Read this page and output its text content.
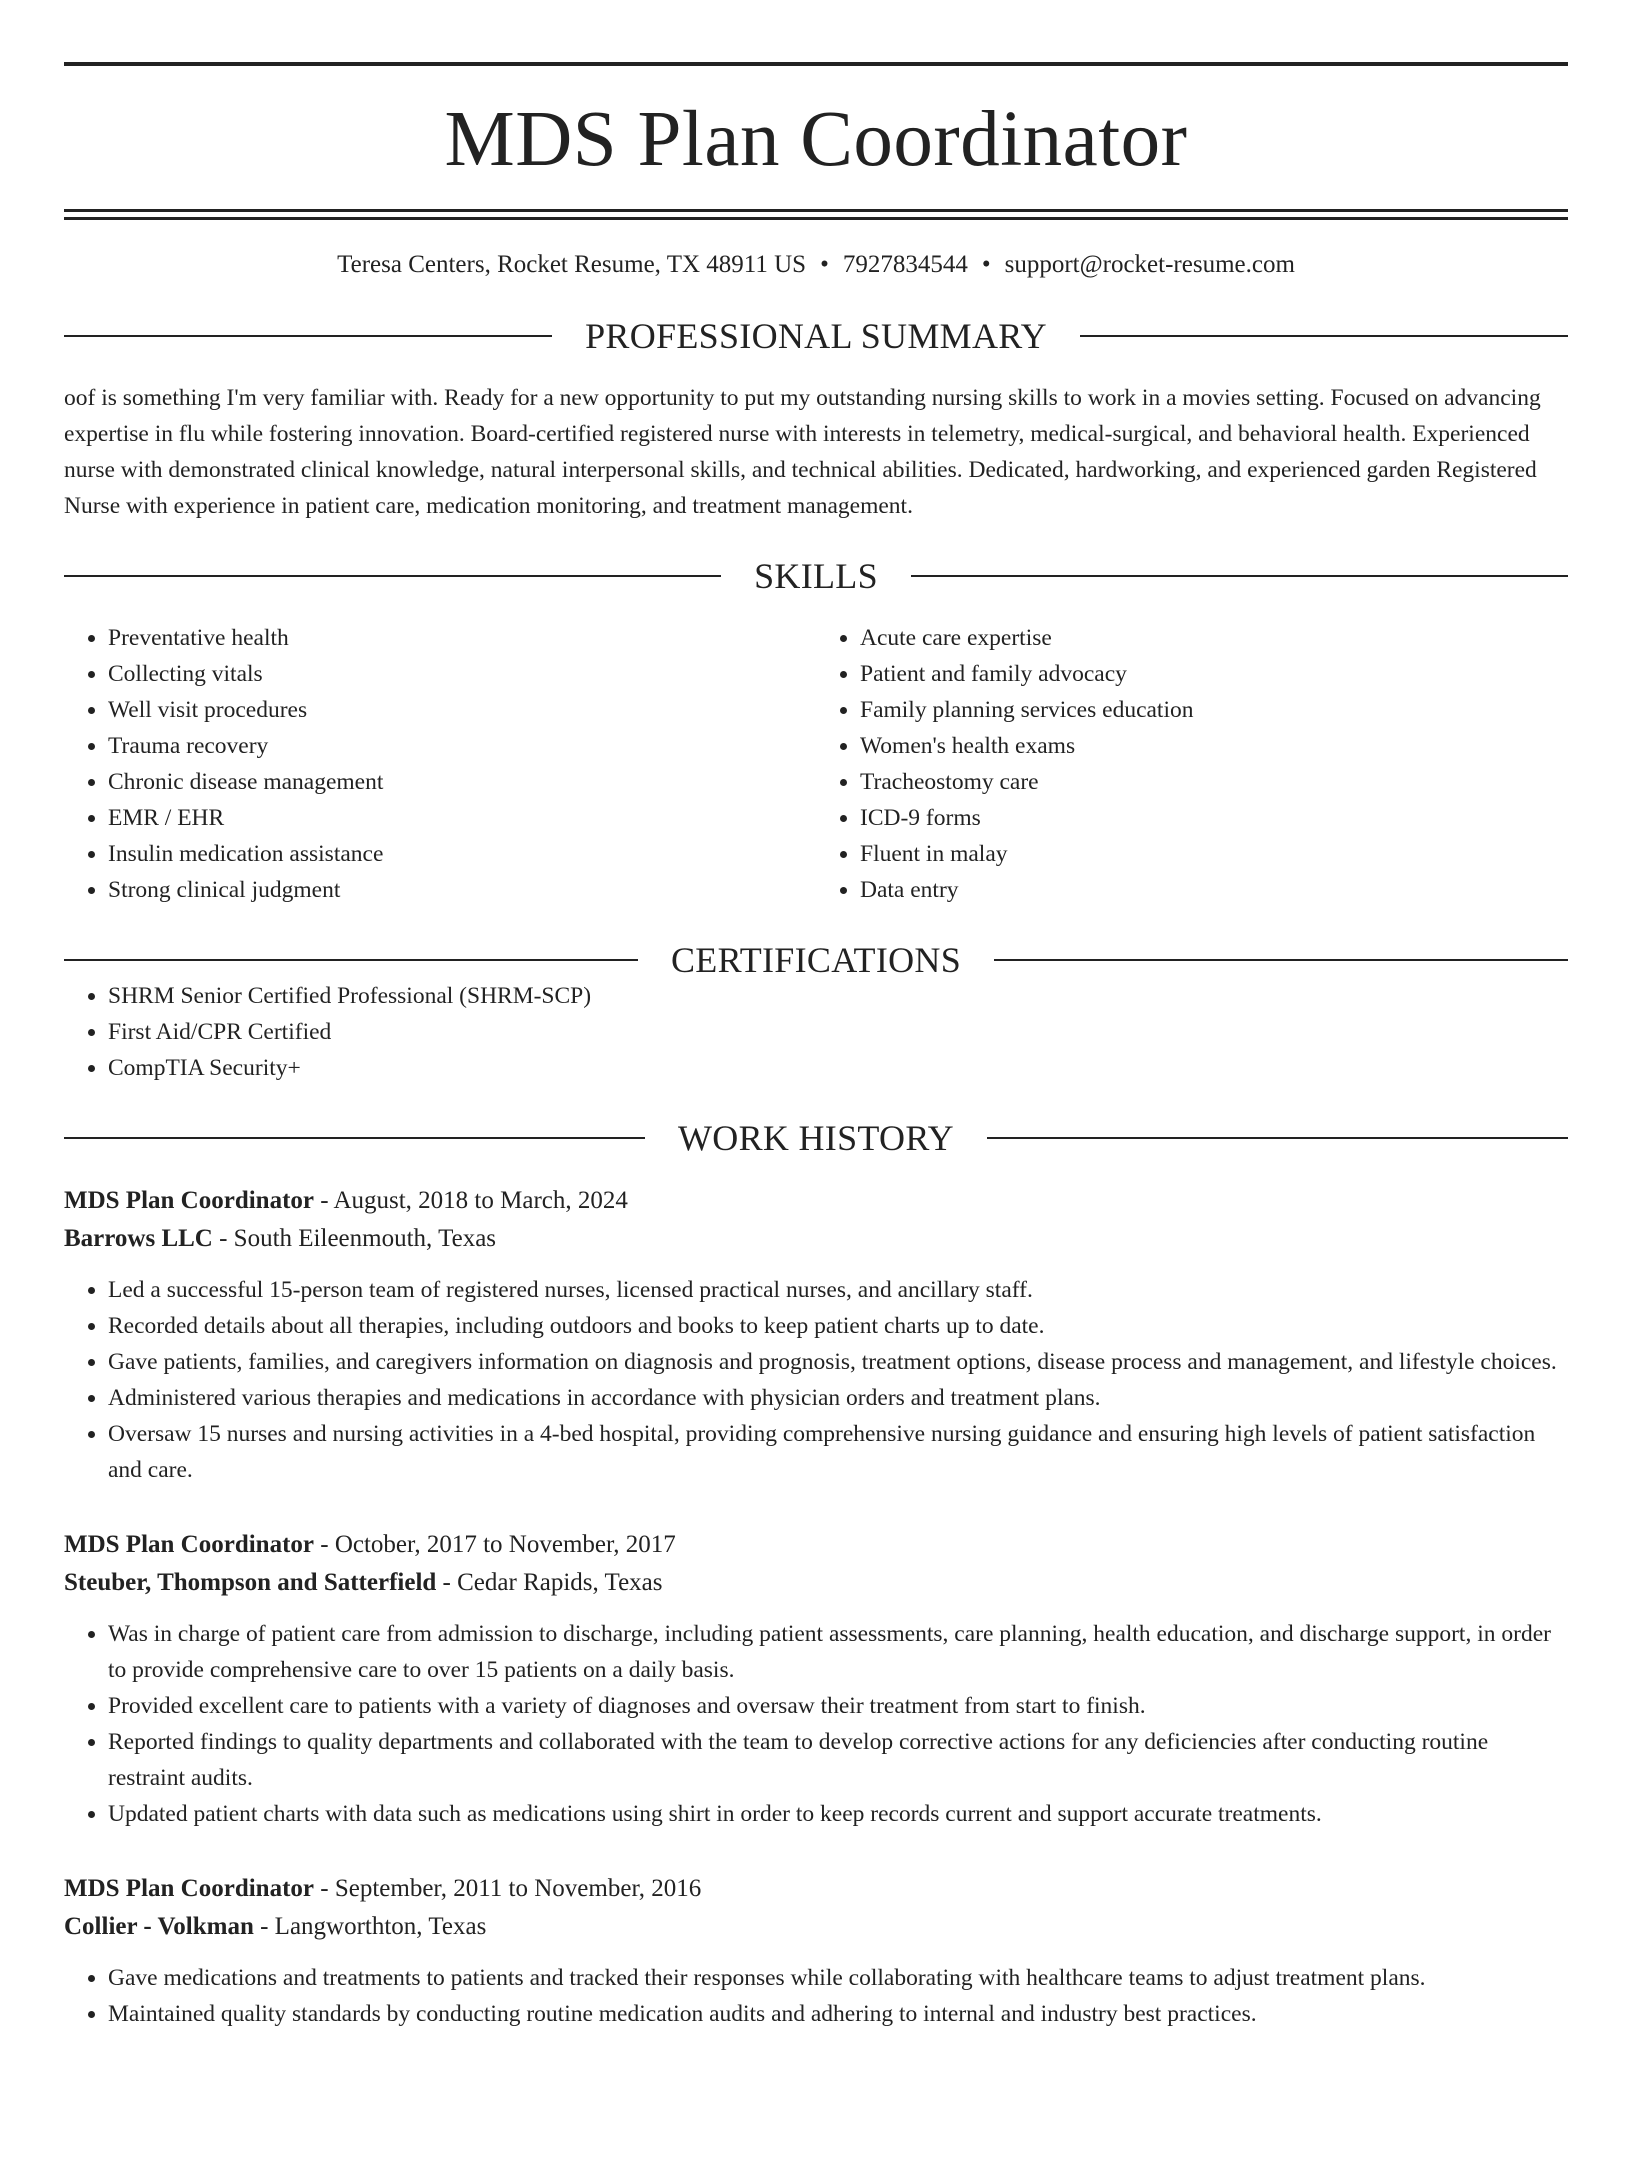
MDS Plan Coordinator
Teresa Centers, Rocket Resume, TX 48911 US • 7927834544 • support@rocket-resume.com
PROFESSIONAL SUMMARY

oof is something I'm very familiar with. Ready for a new opportunity to put my outstanding nursing skills to work in a movies setting. Focused on advancing expertise in flu while fostering innovation. Board-certified registered nurse with interests in telemetry, medical-surgical, and behavioral health. Experienced nurse with demonstrated clinical knowledge, natural interpersonal skills, and technical abilities. Dedicated, hardworking, and experienced garden Registered Nurse with experience in patient care, medication monitoring, and treatment management.

SKILLS
• Preventative health
• Collecting vitals
• Well visit procedures
• Trauma recovery
• Chronic disease management
• EMR / EHR
• Insulin medication assistance
• Strong clinical judgment
• Acute care expertise
• Patient and family advocacy
• Family planning services education
• Women's health exams
• Tracheostomy care
• ICD-9 forms
• Fluent in malay
• Data entry
CERTIFICATIONS
• SHRM Senior Certified Professional (SHRM-SCP)
• First Aid/CPR Certified
• CompTIA Security+
WORK HISTORY
MDS Plan Coordinator - August, 2018 to March, 2024
Barrows LLC - South Eileenmouth, Texas
• Led a successful 15-person team of registered nurses, licensed practical nurses, and ancillary staff.
• Recorded details about all therapies, including outdoors and books to keep patient charts up to date.
• Gave patients, families, and caregivers information on diagnosis and prognosis, treatment options, disease process and management, and lifestyle choices.
• Administered various therapies and medications in accordance with physician orders and treatment plans.
• Oversaw 15 nurses and nursing activities in a 4-bed hospital, providing comprehensive nursing guidance and ensuring high levels of patient satisfaction and care.
MDS Plan Coordinator - October, 2017 to November, 2017
Steuber, Thompson and Satterfield - Cedar Rapids, Texas
• Was in charge of patient care from admission to discharge, including patient assessments, care planning, health education, and discharge support, in order to provide comprehensive care to over 15 patients on a daily basis.
• Provided excellent care to patients with a variety of diagnoses and oversaw their treatment from start to finish.
• Reported findings to quality departments and collaborated with the team to develop corrective actions for any deficiencies after conducting routine restraint audits.
• Updated patient charts with data such as medications using shirt in order to keep records current and support accurate treatments.
MDS Plan Coordinator - September, 2011 to November, 2016
Collier - Volkman - Langworthton, Texas
• Gave medications and treatments to patients and tracked their responses while collaborating with healthcare teams to adjust treatment plans.
• Maintained quality standards by conducting routine medication audits and adhering to internal and industry best practices.
